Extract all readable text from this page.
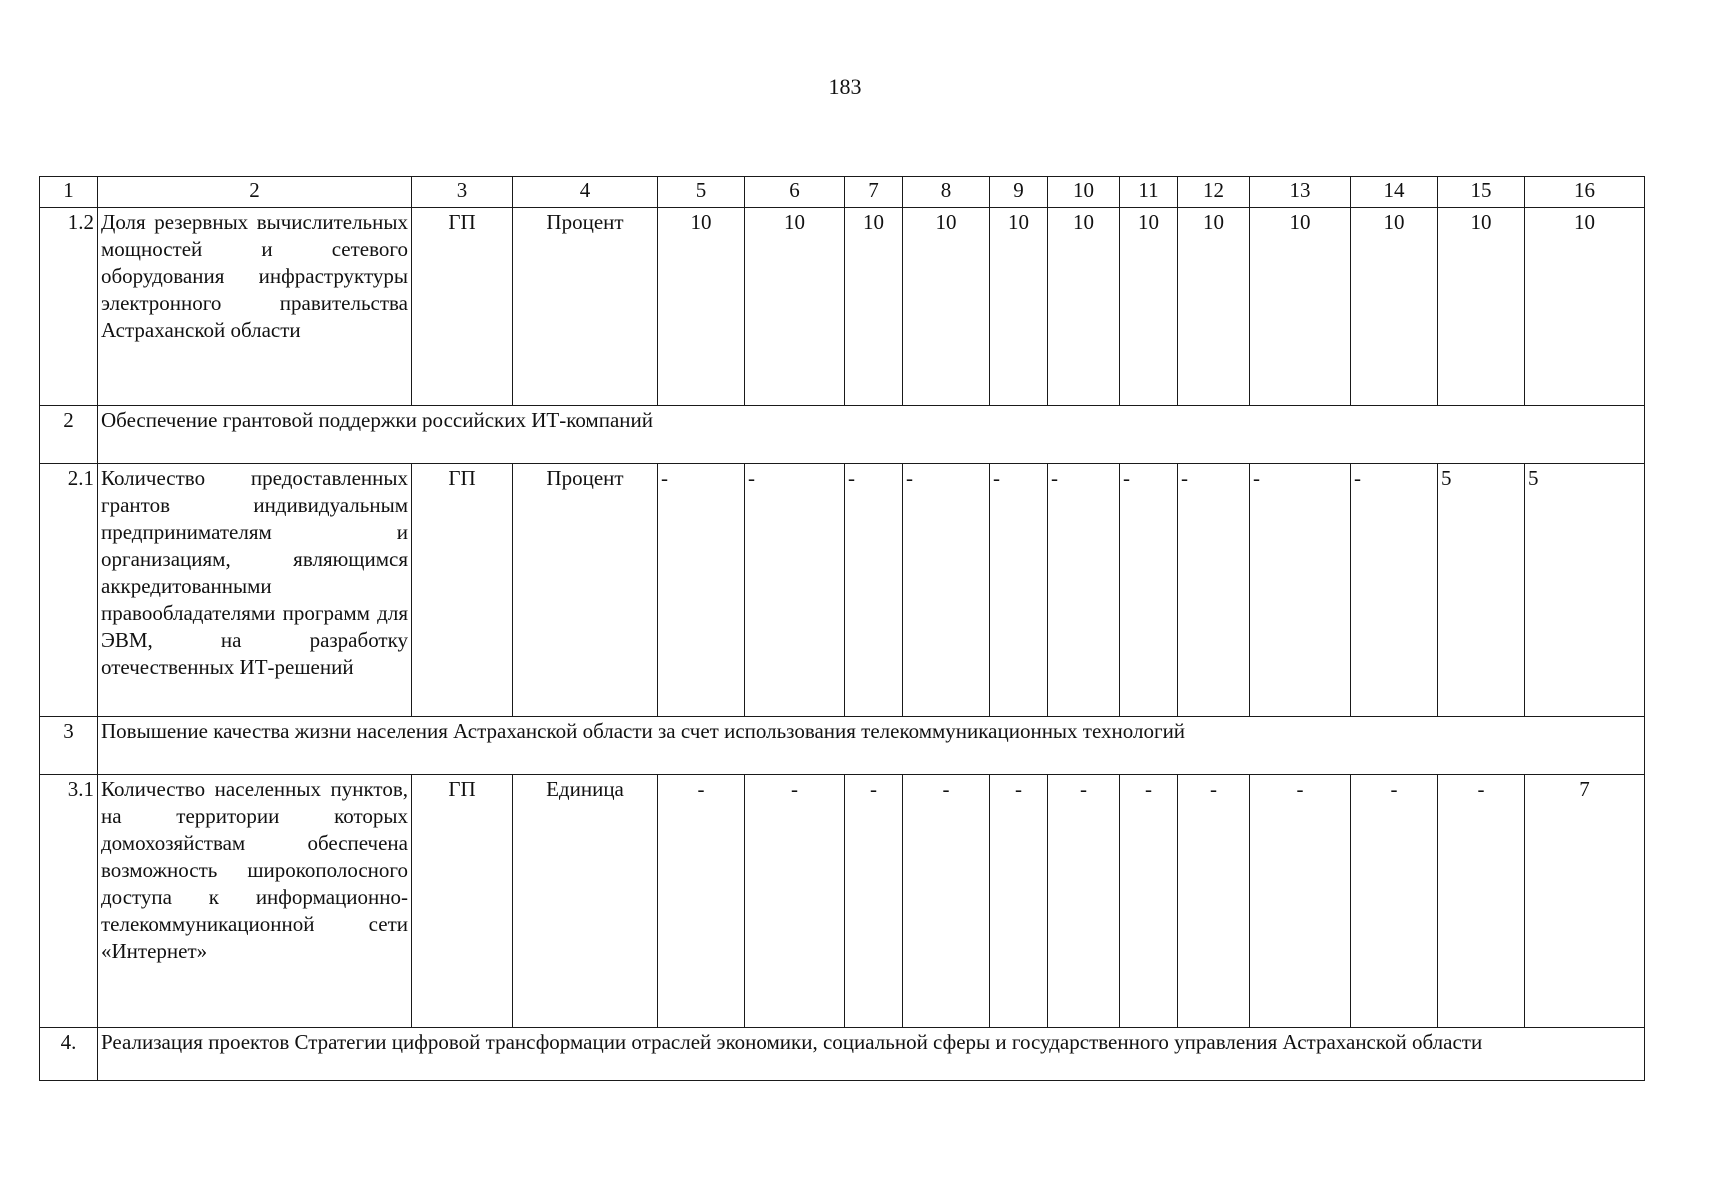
183
1	2	3	4	5	6	7	8	9	10	11	12	13	14	15	16
1.2	Доля резервных вычислительных мощностей и сетевого оборудования инфраструктуры электронного правительства Астраханской области	ГП	Процент	10	10	10	10	10	10	10	10	10	10	10	10
2	Обеспечение грантовой поддержки российских ИТ-компаний														
2.1	Количество предоставленных грантов индивидуальным предпринимателям и организациям, являющимся аккредитованными правообладателями программ для ЭВМ, на разработку отечественных ИТ-решений	ГП	Процент	-	-	-	-	-	-	-	-	-	-	5	5
3	Повышение качества жизни населения Астраханской области за счет использования телекоммуникационных технологий														
3.1	Количество населенных пунктов, на территории которых домохозяйствам обеспечена возможность широкополосного доступа к информационно-телекоммуникационной сети «Интернет»	ГП	Единица	-	-	-	-	-	-	-	-	-	-	-	7
4.	Реализация проектов Стратегии цифровой трансформации отраслей экономики, социальной сферы и государственного управления Астраханской области														
